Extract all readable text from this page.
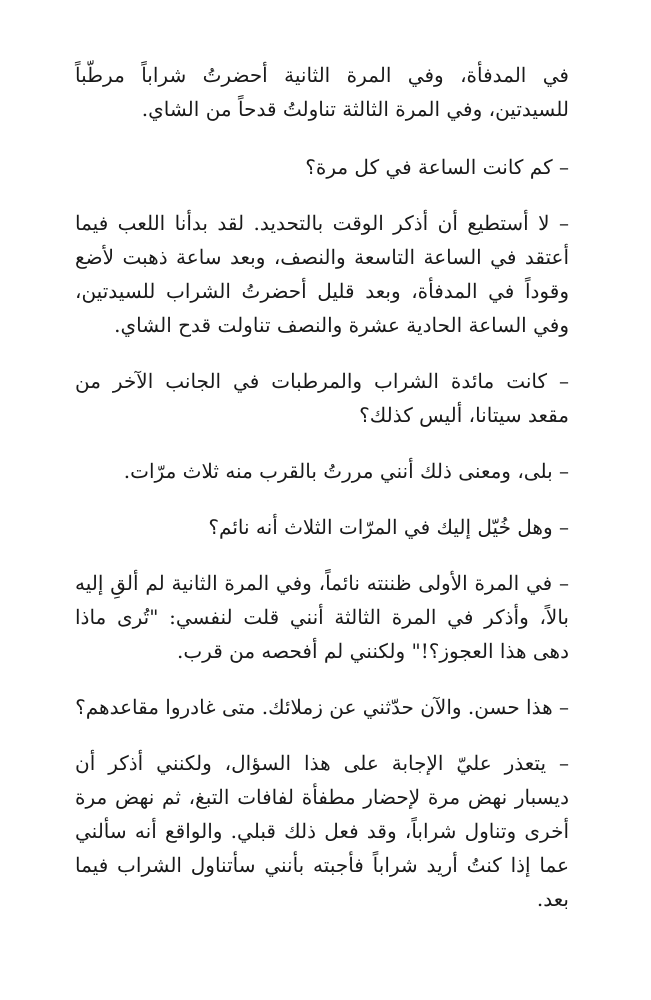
في المدفأة، وفي المرة الثانية أحضرتُ شراباً مرطّباً للسيدتين، وفي المرة الثالثة تناولتُ قدحاً من الشاي.

– كم كانت الساعة في كل مرة؟

– لا أستطيع أن أذكر الوقت بالتحديد. لقد بدأنا اللعب فيما أعتقد في الساعة التاسعة والنصف، وبعد ساعة ذهبت لأضع وقوداً في المدفأة، وبعد قليل أحضرتُ الشراب للسيدتين، وفي الساعة الحادية عشرة والنصف تناولت قدح الشاي.

– كانت مائدة الشراب والمرطبات في الجانب الآخر من مقعد سيتانا، أليس كذلك؟

– بلى، ومعنى ذلك أنني مررتُ بالقرب منه ثلاث مرّات.

– وهل خُيّل إليك في المرّات الثلاث أنه نائم؟

– في المرة الأولى ظننته نائماً، وفي المرة الثانية لم ألقِ إليه بالاً، وأذكر في المرة الثالثة أنني قلت لنفسي: "تُرى ماذا دهى هذا العجوز؟!" ولكنني لم أفحصه من قرب.

– هذا حسن. والآن حدّثني عن زملائك. متى غادروا مقاعدهم؟

– يتعذر عليّ الإجابة على هذا السؤال، ولكنني أذكر أن ديسبار نهض مرة لإحضار مطفأة لفافات التبغ، ثم نهض مرة أخرى وتناول شراباً، وقد فعل ذلك قبلي. والواقع أنه سألني عما إذا كنتُ أريد شراباً فأجبته بأنني سأتناول الشراب فيما بعد.
